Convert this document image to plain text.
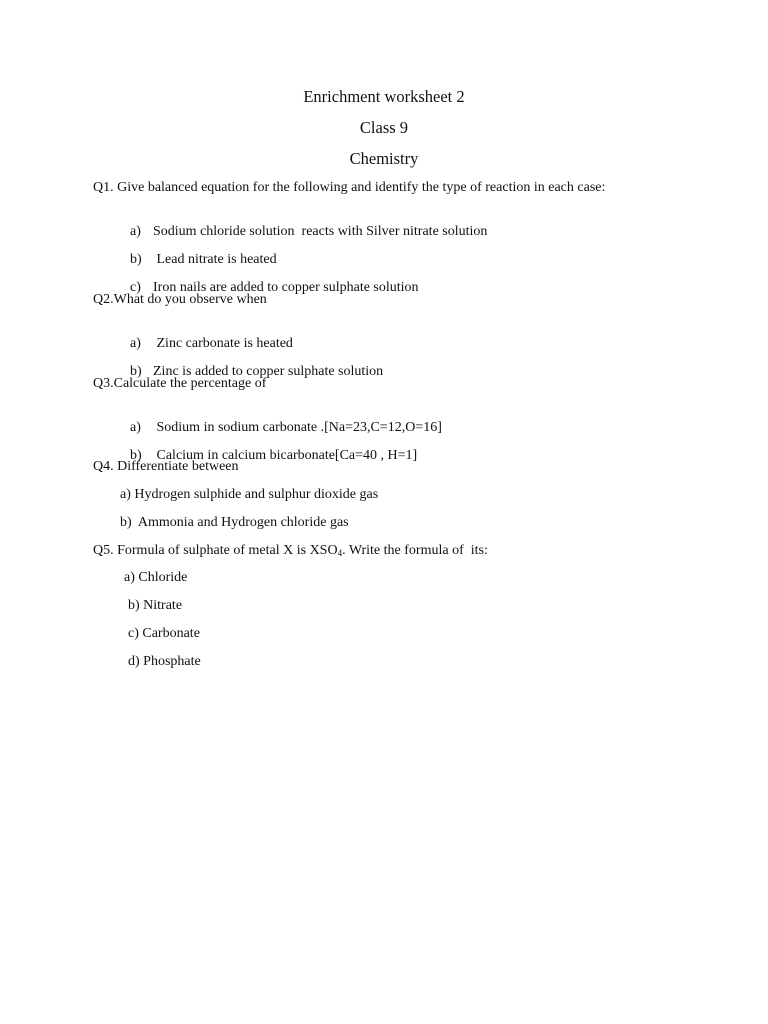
Enrichment worksheet 2
Class 9
Chemistry
Q1. Give balanced equation for the following and identify the type of reaction in each case:

a) Sodium chloride solution  reacts with Silver nitrate solution

b) Lead nitrate is heated

c) Iron nails are added to copper sulphate solution

Q2.What do you observe when

a) Zinc carbonate is heated

b) Zinc is added to copper sulphate solution

Q3.Calculate the percentage of

a) Sodium in sodium carbonate .[Na=23,C=12,O=16]

b) Calcium in calcium bicarbonate[Ca=40 , H=1]

Q4. Differentiate between
a) Hydrogen sulphide and sulphur dioxide gas
b)  Ammonia and Hydrogen chloride gas
Q5. Formula of sulphate of metal X is $XSO_4$. Write the formula of  its:
a) Chloride
b) Nitrate
c) Carbonate
d) Phosphate
